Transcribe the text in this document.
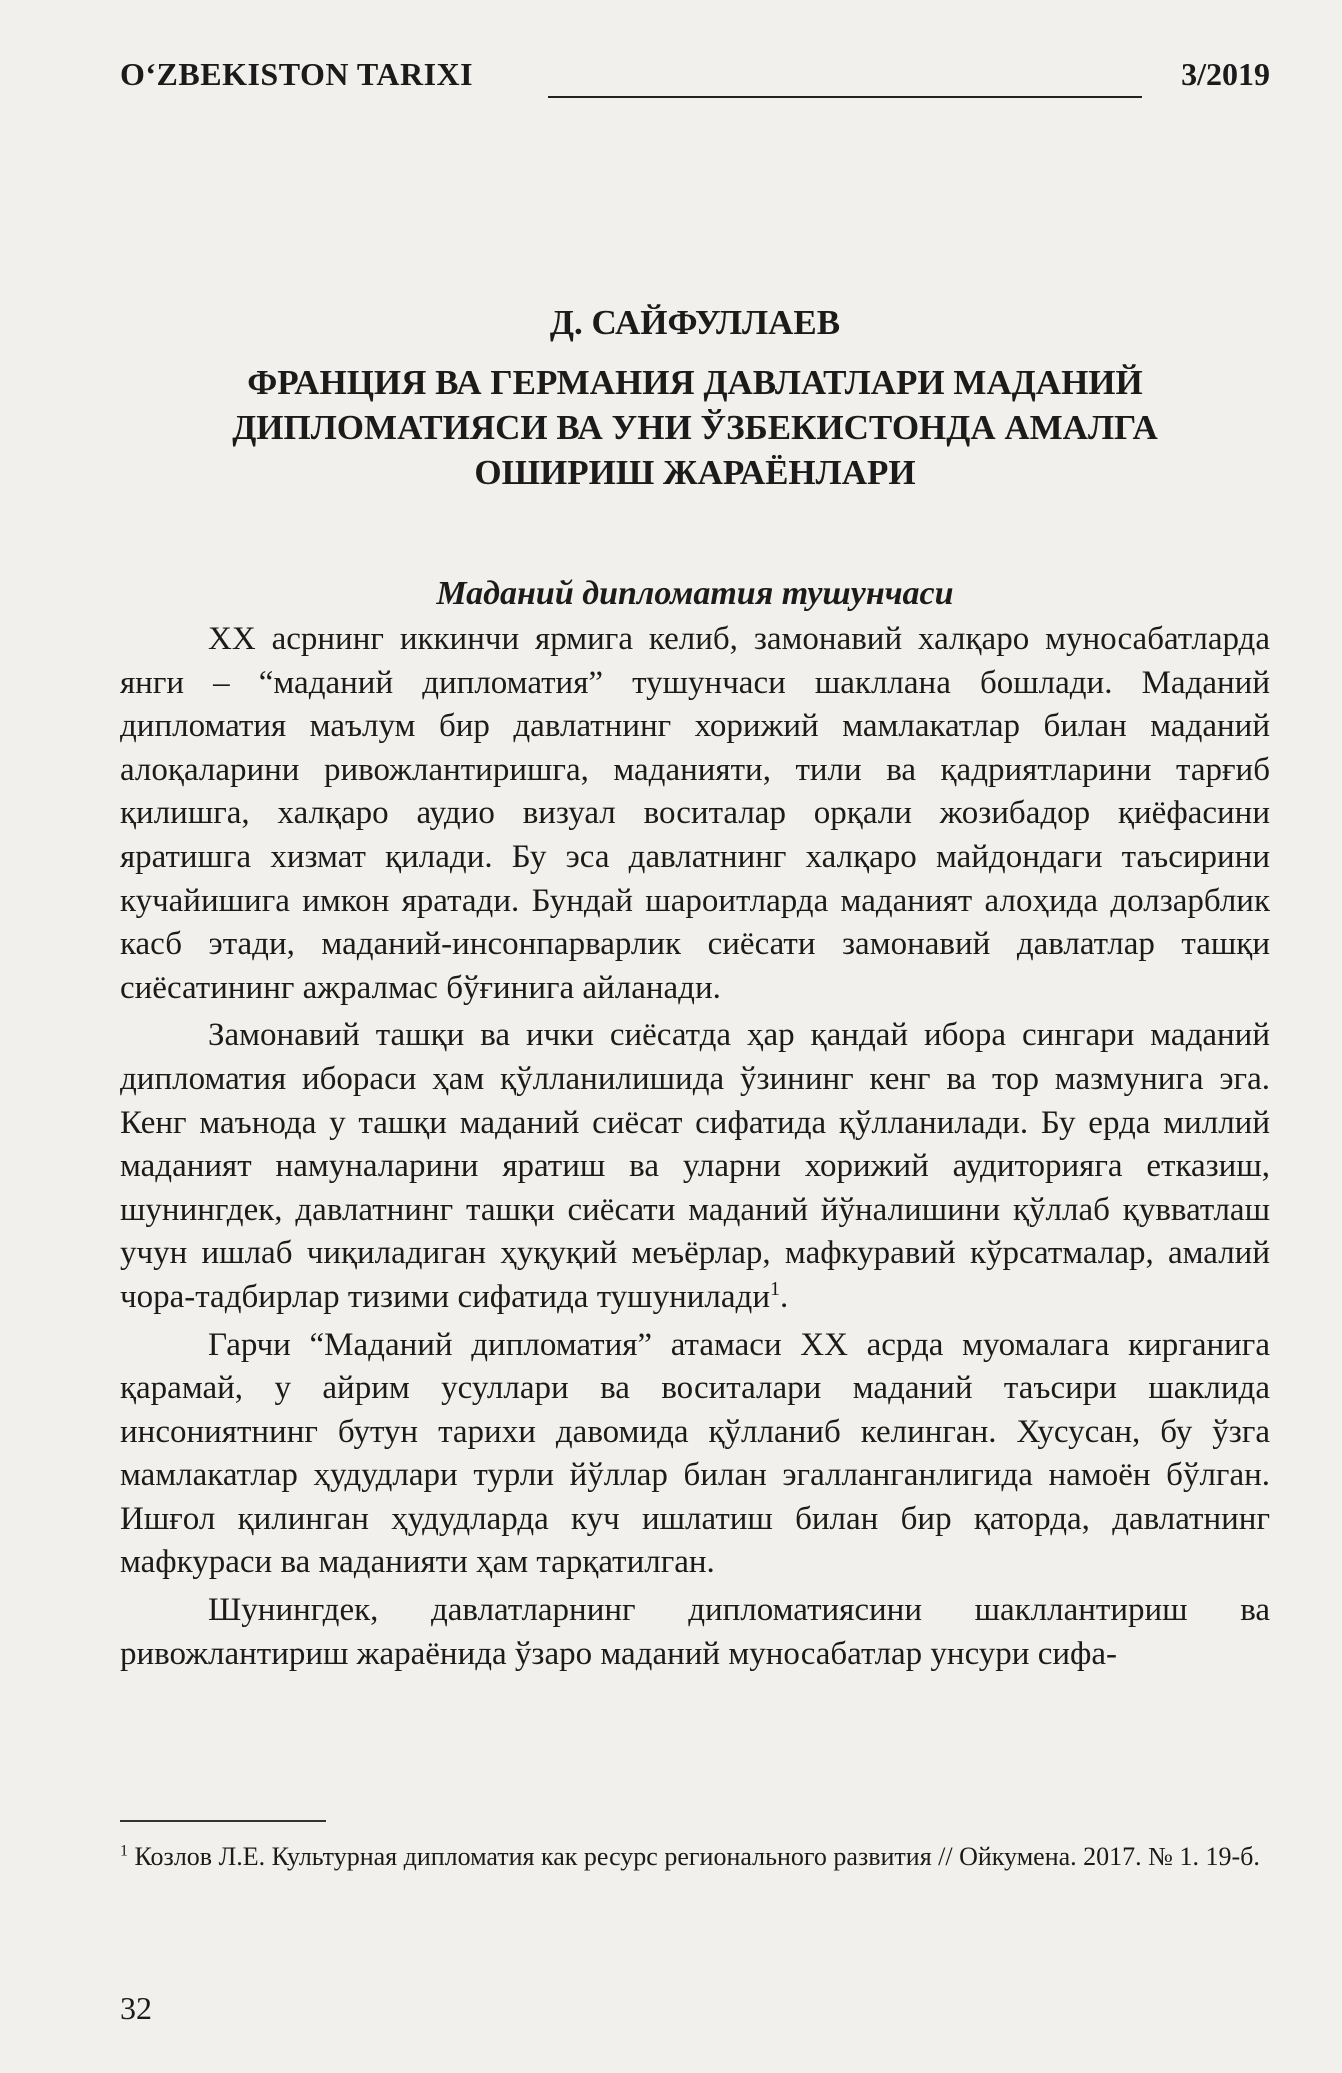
O‘ZBEKISTON TARIXI	3/2019
Д. САЙФУЛЛАЕВ
ФРАНЦИЯ ВА ГЕРМАНИЯ ДАВЛАТЛАРИ МАДАНИЙ
ДИПЛОМАТИЯСИ ВА УНИ ЎЗБЕКИСТОНДА АМАЛГА
ОШИРИШ ЖАРАЁНЛАРИ
Маданий дипломатия тушунчаси

XX асрнинг иккинчи ярмига келиб, замонавий халқаро муносабатларда янги – “маданий дипломатия” тушунчаси шакллана бошлади. Маданий дипломатия маълум бир давлатнинг хорижий мамлакатлар билан маданий алоқаларини ривожлантиришга, маданияти, тили ва қадриятларини тарғиб қилишга, халқаро аудио визуал воситалар орқали жозибадор қиёфасини яратишга хизмат қилади. Бу эса давлатнинг халқаро майдондаги таъсирини кучайишига имкон яратади. Бундай шароитларда маданият алоҳида долзарблик касб этади, маданий-инсонпарварлик сиёсати замонавий давлатлар ташқи сиёсатининг ажралмас бўғинига айланади.

Замонавий ташқи ва ички сиёсатда ҳар қандай ибора сингари маданий дипломатия ибораси ҳам қўлланилишида ўзининг кенг ва тор мазмунига эга. Кенг маънода у ташқи маданий сиёсат сифатида қўлланилади. Бу ерда миллий маданият намуналарини яратиш ва уларни хорижий аудиторияга етказиш, шунингдек, давлатнинг ташқи сиёсати маданий йўналишини қўллаб қувватлаш учун ишлаб чиқиладиган ҳуқуқий меъёрлар, мафкуравий кўрсатмалар, амалий чора-тадбирлар тизими сифатида тушунилади$^1$.

Гарчи “Маданий дипломатия” атамаси XX асрда муомалага кирганига қарамай, у айрим усуллари ва воситалари маданий таъсири шаклида инсониятнинг бутун тарихи давомида қўлланиб келинган. Хусусан, бу ўзга мамлакатлар ҳудудлари турли йўллар билан эгалланганлигида намоён бўлган. Ишғол қилинган ҳудудларда куч ишлатиш билан бир қаторда, давлатнинг мафкураси ва маданияти ҳам тарқатилган.

Шунингдек, давлатларнинг дипломатиясини шакллантириш ва ривожлантириш жараёнида ўзаро маданий муносабатлар унсури сифа-

$^1$ Козлов Л.Е. Культурная дипломатия как ресурс регионального развития // Ойкумена. 2017. № 1. 19-б.
32
